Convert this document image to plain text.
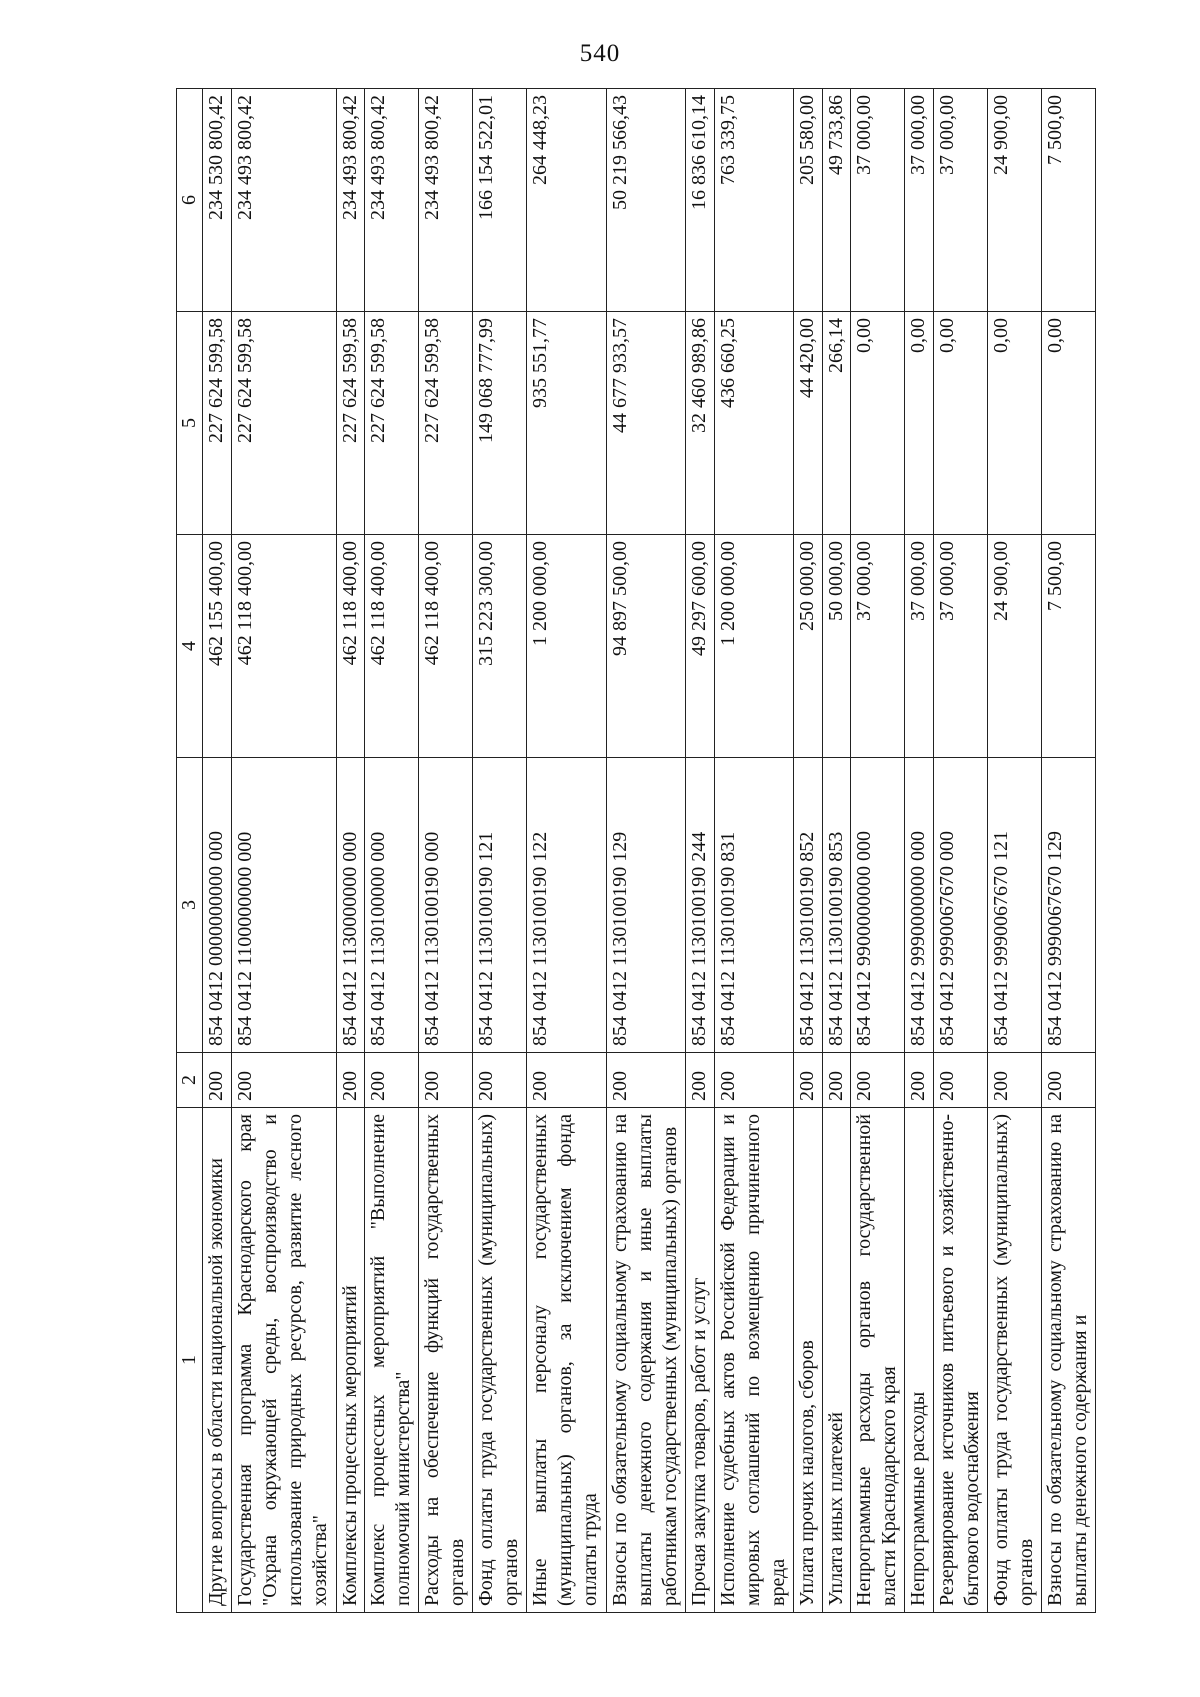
540
1	2	3	4	5	6
Другие вопросы в области национальной экономики	200	854 0412 0000000000 000	462 155 400,00	227 624 599,58	234 530 800,42
Государственная программа Краснодарского края "Охрана окружающей среды, воспроизводство и использование природных ресурсов, развитие лесного хозяйства"	200	854 0412 1100000000 000	462 118 400,00	227 624 599,58	234 493 800,42
Комплексы процессных мероприятий	200	854 0412 1130000000 000	462 118 400,00	227 624 599,58	234 493 800,42
Комплекс процессных мероприятий "Выполнение полномочий министерства"	200	854 0412 1130100000 000	462 118 400,00	227 624 599,58	234 493 800,42
Расходы на обеспечение функций государственных органов	200	854 0412 1130100190 000	462 118 400,00	227 624 599,58	234 493 800,42
Фонд оплаты труда государственных (муниципальных) органов	200	854 0412 1130100190 121	315 223 300,00	149 068 777,99	166 154 522,01
Иные выплаты персоналу государственных (муниципальных) органов, за исключением фонда оплаты труда	200	854 0412 1130100190 122	1 200 000,00	935 551,77	264 448,23
Взносы по обязательному социальному страхованию на выплаты денежного содержания и иные выплаты работникам государственных (муниципальных) органов	200	854 0412 1130100190 129	94 897 500,00	44 677 933,57	50 219 566,43
Прочая закупка товаров, работ и услуг	200	854 0412 1130100190 244	49 297 600,00	32 460 989,86	16 836 610,14
Исполнение судебных актов Российской Федерации и мировых соглашений по возмещению причиненного вреда	200	854 0412 1130100190 831	1 200 000,00	436 660,25	763 339,75
Уплата прочих налогов, сборов	200	854 0412 1130100190 852	250 000,00	44 420,00	205 580,00
Уплата иных платежей	200	854 0412 1130100190 853	50 000,00	266,14	49 733,86
Непрограммные расходы органов государственной власти Краснодарского края	200	854 0412 9900000000 000	37 000,00	0,00	37 000,00
Непрограммные расходы	200	854 0412 9990000000 000	37 000,00	0,00	37 000,00
Резервирование источников питьевого и хозяйственно-бытового водоснабжения	200	854 0412 9990067670 000	37 000,00	0,00	37 000,00
Фонд оплаты труда государственных (муниципальных) органов	200	854 0412 9990067670 121	24 900,00	0,00	24 900,00
Взносы по обязательному социальному страхованию на выплаты денежного содержания и	200	854 0412 9990067670 129	7 500,00	0,00	7 500,00
